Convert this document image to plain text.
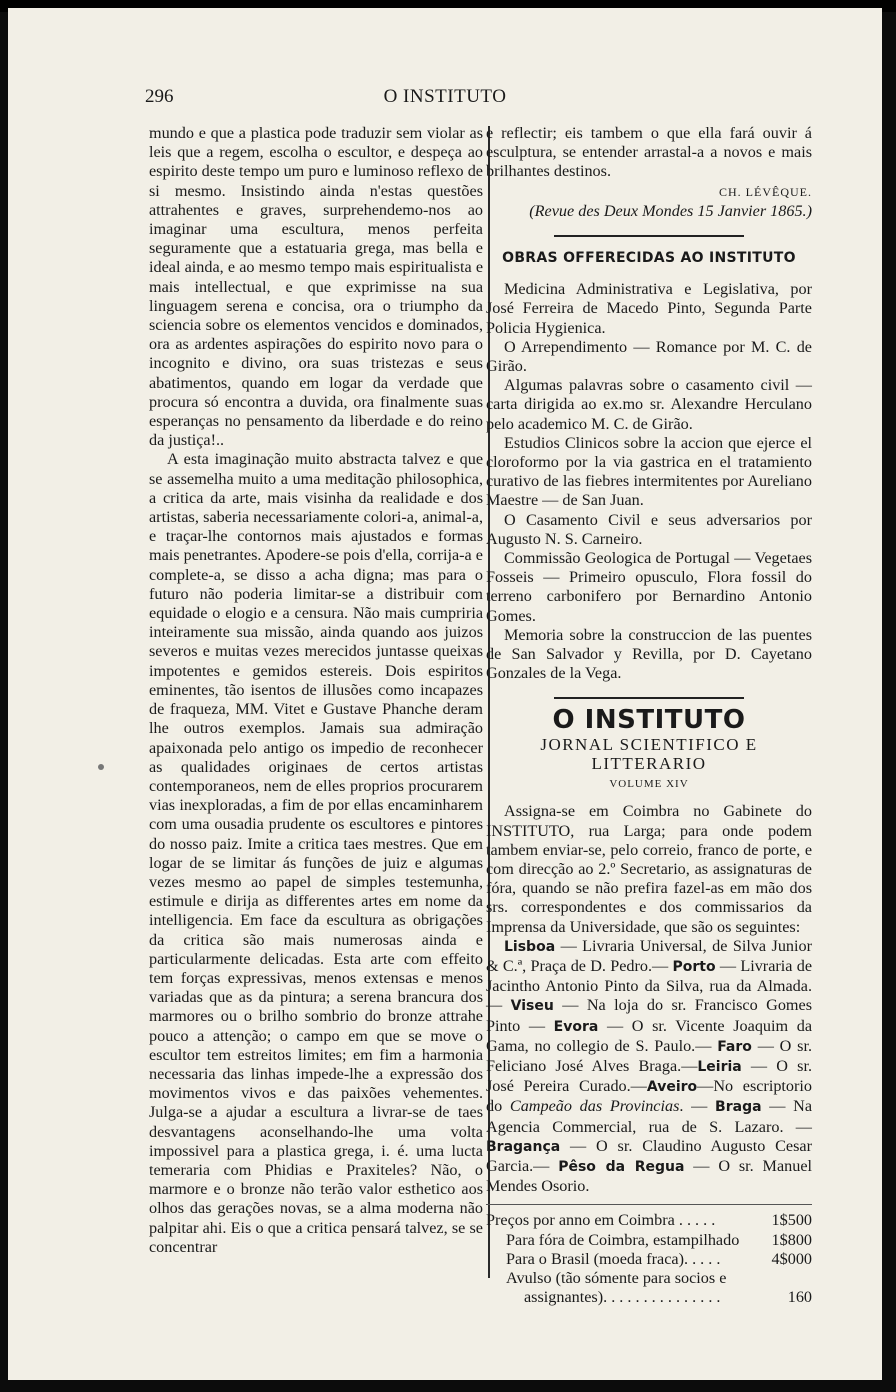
296	O INSTITUTO

mundo e que a plastica pode traduzir sem violar as leis que a regem, escolha o escultor, e despeça ao espirito deste tempo um puro e luminoso reflexo de si mesmo. Insistindo ainda n'estas questões attrahentes e graves, surprehendemo-nos ao imaginar uma escultura, menos perfeita seguramente que a estatuaria grega, mas bella e ideal ainda, e ao mesmo tempo mais espiritualista e mais intellectual, e que exprimisse na sua linguagem serena e concisa, ora o triumpho da sciencia sobre os elementos vencidos e dominados, ora as ardentes aspirações do espirito novo para o incognito e divino, ora suas tristezas e seus abatimentos, quando em logar da verdade que procura só encontra a duvida, ora finalmente suas esperanças no pensamento da liberdade e do reino da justiça!..

A esta imaginação muito abstracta talvez e que se assemelha muito a uma meditação philosophica, a critica da arte, mais visinha da realidade e dos artistas, saberia necessariamente colori-a, animal-a, e traçar-lhe contornos mais ajustados e formas mais penetrantes. Apodere-se pois d'ella, corrija-a e complete-a, se disso a acha digna; mas para o futuro não poderia limitar-se a distribuir com equidade o elogio e a censura. Não mais cumpriria inteiramente sua missão, ainda quando aos juizos severos e muitas vezes merecidos juntasse queixas impotentes e gemidos estereis. Dois espiritos eminentes, tão isentos de illusões como incapazes de fraqueza, MM. Vitet e Gustave Phanche deram lhe outros exemplos. Jamais sua admiração apaixonada pelo antigo os impedio de reconhecer as qualidades originaes de certos artistas contemporaneos, nem de elles proprios procurarem vias inexploradas, a fim de por ellas encaminharem com uma ousadia prudente os escultores e pintores do nosso paiz. Imite a critica taes mestres. Que em logar de se limitar ás funções de juiz e algumas vezes mesmo ao papel de simples testemunha, estimule e dirija as differentes artes em nome da intelligencia. Em face da escultura as obrigações da critica são mais numerosas ainda e particularmente delicadas. Esta arte com effeito tem forças expressivas, menos extensas e menos variadas que as da pintura; a serena brancura dos marmores ou o brilho sombrio do bronze attrahe pouco a attenção; o campo em que se move o escultor tem estreitos limites; em fim a harmonia necessaria das linhas impede-lhe a expressão dos movimentos vivos e das paixões vehementes. Julga-se a ajudar a escultura a livrar-se de taes desvantagens aconselhando-lhe uma volta impossivel para a plastica grega, i. é. uma lucta temeraria com Phidias e Praxiteles? Não, o marmore e o bronze não terão valor esthetico aos olhos das gerações novas, se a alma moderna não palpitar ahi. Eis o que a critica pensará talvez, se se concentrar

e reflectir; eis tambem o que ella fará ouvir á esculptura, se entender arrastal-a a novos e mais brilhantes destinos.

CH. LÉVÊQUE.

(Revue des Deux Mondes 15 Janvier 1865.)

OBRAS OFFERECIDAS AO INSTITUTO

Medicina Administrativa e Legislativa, por José Ferreira de Macedo Pinto, Segunda Parte Policia Hygienica.

O Arrependimento — Romance por M. C. de Girão.

Algumas palavras sobre o casamento civil — carta dirigida ao ex.mo sr. Alexandre Herculano pelo academico M. C. de Girão.

Estudios Clinicos sobre la accion que ejerce el cloroformo por la via gastrica en el tratamiento curativo de las fiebres intermitentes por Aureliano Maestre — de San Juan.

O Casamento Civil e seus adversarios por Augusto N. S. Carneiro.

Commissão Geologica de Portugal — Vegetaes Fosseis — Primeiro opusculo, Flora fossil do terreno carbonifero por Bernardino Antonio Gomes.

Memoria sobre la construccion de las puentes de San Salvador y Revilla, por D. Cayetano Gonzales de la Vega.

O INSTITUTO
JORNAL SCIENTIFICO E LITTERARIO
VOLUME XIV

Assigna-se em Coimbra no Gabinete do INSTITUTO, rua Larga; para onde podem tambem enviar-se, pelo correio, franco de porte, e com direcção ao 2.º Secretario, as assignaturas de fóra, quando se não prefira fazel-as em mão dos srs. correspondentes e dos commissarios da Imprensa da Universidade, que são os seguintes:

Lisboa — Livraria Universal, de Silva Junior & C.ª, Praça de D. Pedro.— Porto — Livraria de Jacintho Antonio Pinto da Silva, rua da Almada. — Viseu — Na loja do sr. Francisco Gomes Pinto — Evora — O sr. Vicente Joaquim da Gama, no collegio de S. Paulo.— Faro — O sr. Feliciano José Alves Braga.—Leiria — O sr. José Pereira Curado.—Aveiro—No escriptorio do Campeão das Provincias. — Braga — Na Agencia Commercial, rua de S. Lazaro. — Bragança — O sr. Claudino Augusto Cesar Garcia.— Pêso da Regua — O sr. Manuel Mendes Osorio.

Preços por anno em Coimbra . . . . .	1$500
Para fóra de Coimbra, estampilhado 1$800
Para o Brasil (moeda fraca). . . . .	4$000
Avulso (tão sómente para socios e
assignantes). . . . . . . . . . . . . . .	160
